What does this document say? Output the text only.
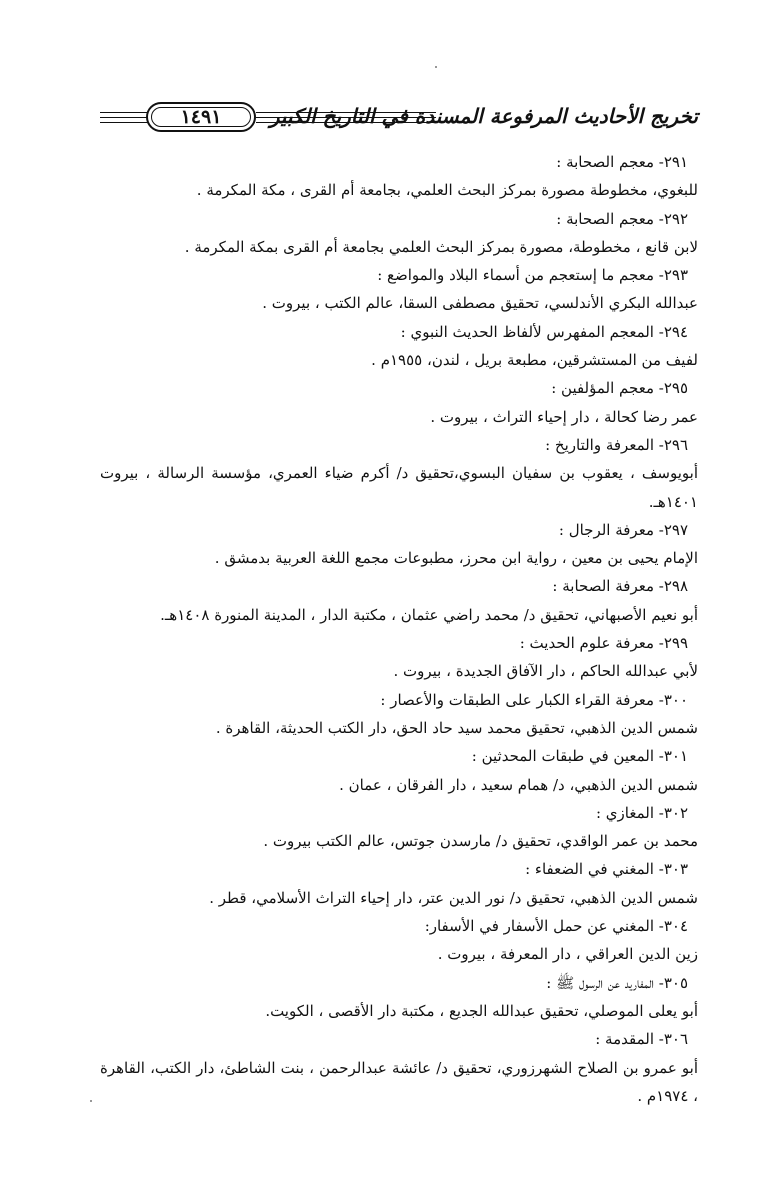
١٤٩١	تخريج الأحاديث المرفوعة المسندة في التاريخ الكبير
٢٩١- معجم الصحابة :
للبغوي، مخطوطة مصورة بمركز البحث العلمي، بجامعة أم القرى ، مكة المكرمة .
٢٩٢- معجم الصحابة :
لابن قانع ، مخطوطة، مصورة بمركز البحث العلمي بجامعة أم القرى بمكة المكرمة .
٢٩٣- معجم ما إستعجم من أسماء البلاد والمواضع :
عبدالله البكري الأندلسي، تحقيق مصطفى السقا، عالم الكتب ، بيروت .
٢٩٤- المعجم المفهرس لألفاظ الحديث النبوي :
لفيف من المستشرقين، مطبعة بريل ، لندن، ١٩٥٥م .
٢٩٥- معجم المؤلفين :
عمر رضا كحالة ، دار إحياء التراث ، بيروت .
٢٩٦- المعرفة والتاريخ :
أبويوسف ، يعقوب بن سفيان البسوي،تحقيق د/ أكرم ضياء العمري، مؤسسة الرسالة ، بيروت ١٤٠١هـ.
٢٩٧- معرفة الرجال :
الإمام يحيى بن معين ، رواية ابن محرز، مطبوعات مجمع اللغة العربية بدمشق .
٢٩٨- معرفة الصحابة :
أبو نعيم الأصبهاني، تحقيق د/ محمد راضي عثمان ، مكتبة الدار ، المدينة المنورة ١٤٠٨هـ.
٢٩٩- معرفة علوم الحديث :
لأبي عبدالله الحاكم ، دار الآفاق الجديدة ، بيروت .
٣٠٠- معرفة القراء الكبار على الطبقات والأعصار :
شمس الدين الذهبي، تحقيق محمد سيد حاد الحق، دار الكتب الحديثة، القاهرة .
٣٠١- المعين في طبقات المحدثين :
شمس الدين الذهبي، د/ همام سعيد ، دار الفرقان ، عمان .
٣٠٢- المغازي :
محمد بن عمر الواقدي، تحقيق د/ مارسدن جوتس، عالم الكتب بيروت .
٣٠٣- المغني في الضعفاء :
شمس الدين الذهبي، تحقيق د/ نور الدين عتر، دار إحياء التراث الأسلامي، قطر .
٣٠٤- المغني عن حمل الأسفار في الأسفار:
زين الدين العراقي ، دار المعرفة ، بيروت .
٣٠٥- المفاريد عن الرسول ﷺ :
أبو يعلى الموصلي، تحقيق عبدالله الجديع ، مكتبة دار الأقصى ، الكويت.
٣٠٦- المقدمة :
أبو عمرو بن الصلاح الشهرزوري، تحقيق د/ عائشة عبدالرحمن ، بنت الشاطئ، دار الكتب، القاهرة ، ١٩٧٤م .
